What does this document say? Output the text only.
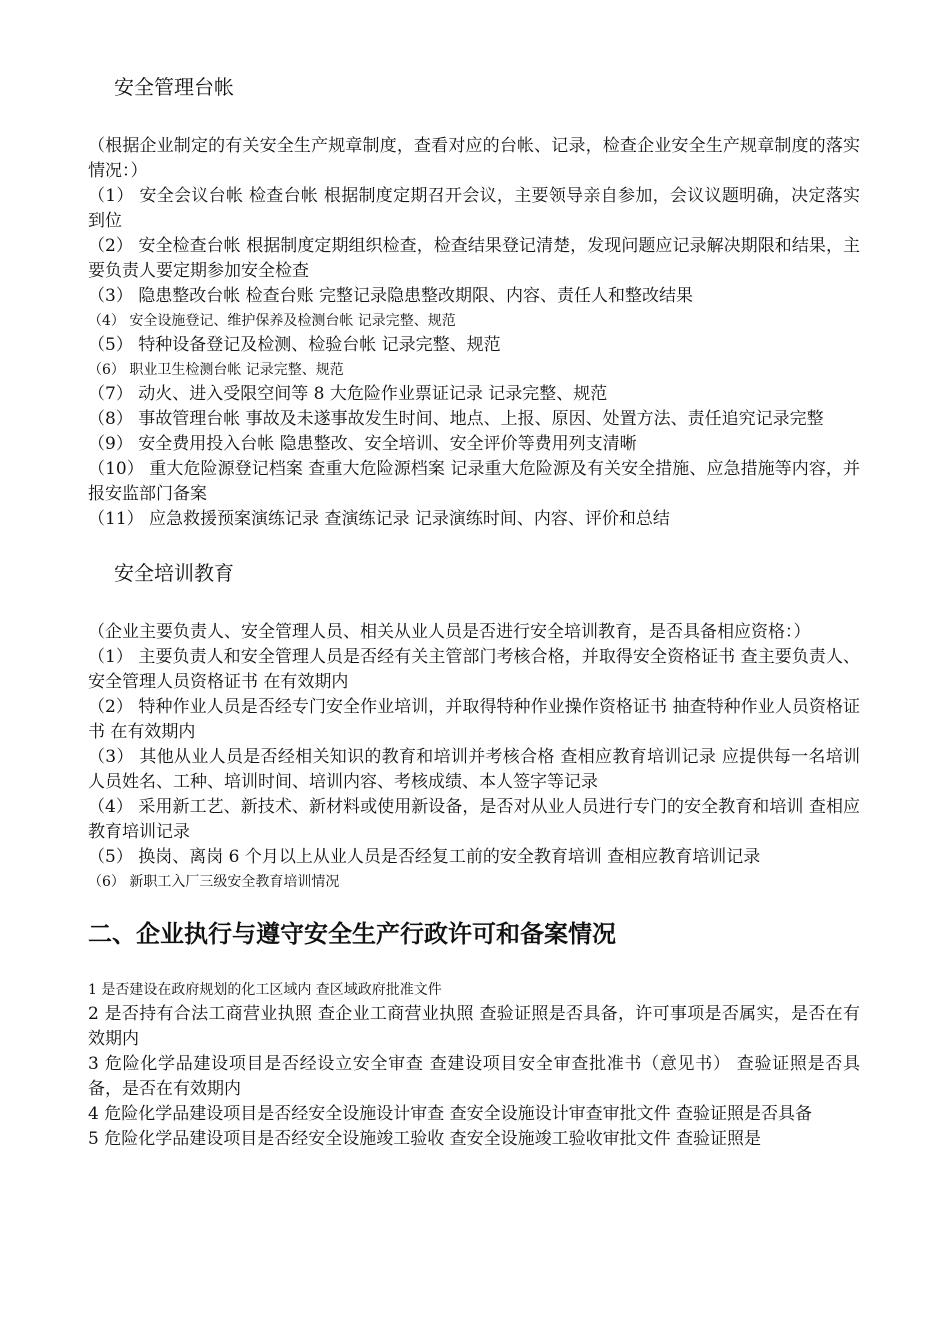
安全管理台帐

（根据企业制定的有关安全生产规章制度，查看对应的台帐、记录，检查企业安全生产规章制度的落实情况：）

（1） 安全会议台帐 检查台帐 根据制度定期召开会议，主要领导亲自参加，会议议题明确，决定落实到位

（2） 安全检查台帐 根据制度定期组织检查，检查结果登记清楚，发现问题应记录解决期限和结果，主要负责人要定期参加安全检查

（3） 隐患整改台帐 检查台账 完整记录隐患整改期限、内容、责任人和整改结果

（4） 安全设施登记、维护保养及检测台帐 记录完整、规范

（5） 特种设备登记及检测、检验台帐 记录完整、规范

（6） 职业卫生检测台帐 记录完整、规范

（7） 动火、进入受限空间等 8 大危险作业票证记录 记录完整、规范

（8） 事故管理台帐 事故及未遂事故发生时间、地点、上报、原因、处置方法、责任追究记录完整

（9） 安全费用投入台帐 隐患整改、安全培训、安全评价等费用列支清晰

（10） 重大危险源登记档案 查重大危险源档案 记录重大危险源及有关安全措施、应急措施等内容，并报安监部门备案

（11） 应急救援预案演练记录 查演练记录 记录演练时间、内容、评价和总结

安全培训教育

（企业主要负责人、安全管理人员、相关从业人员是否进行安全培训教育，是否具备相应资格：）

（1） 主要负责人和安全管理人员是否经有关主管部门考核合格，并取得安全资格证书 查主要负责人、安全管理人员资格证书 在有效期内

（2） 特种作业人员是否经专门安全作业培训，并取得特种作业操作资格证书 抽查特种作业人员资格证书 在有效期内

（3） 其他从业人员是否经相关知识的教育和培训并考核合格 查相应教育培训记录 应提供每一名培训人员姓名、工种、培训时间、培训内容、考核成绩、本人签字等记录

（4） 采用新工艺、新技术、新材料或使用新设备，是否对从业人员进行专门的安全教育和培训 查相应教育培训记录

（5） 换岗、离岗 6 个月以上从业人员是否经复工前的安全教育培训 查相应教育培训记录

（6） 新职工入厂三级安全教育培训情况

二、企业执行与遵守安全生产行政许可和备案情况

1 是否建设在政府规划的化工区域内 查区域政府批准文件

2 是否持有合法工商营业执照 查企业工商营业执照 查验证照是否具备，许可事项是否属实，是否在有效期内

3 危险化学品建设项目是否经设立安全审查 查建设项目安全审查批准书（意见书） 查验证照是否具备，是否在有效期内

4 危险化学品建设项目是否经安全设施设计审查 查安全设施设计审查审批文件 查验证照是否具备

5 危险化学品建设项目是否经安全设施竣工验收 查安全设施竣工验收审批文件 查验证照是
